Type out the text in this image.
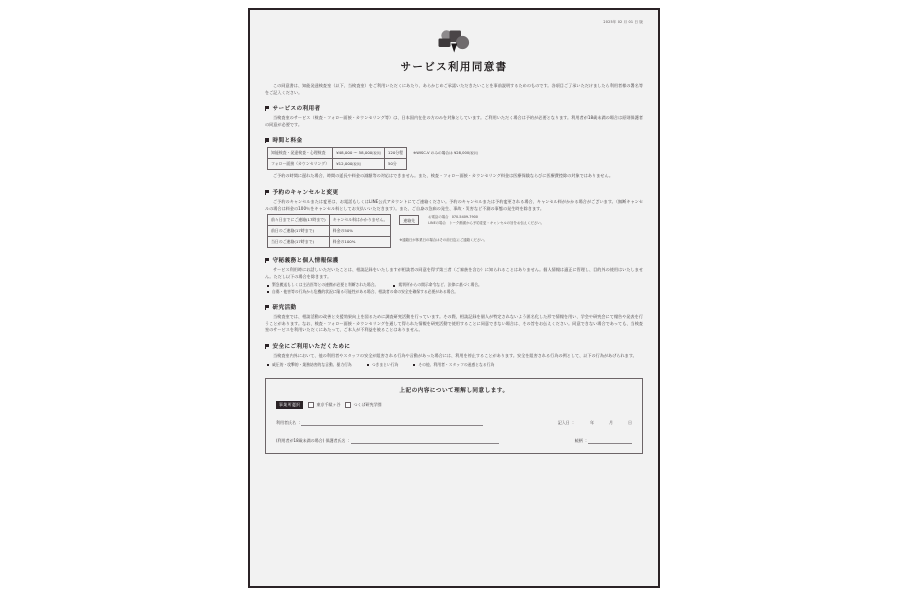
2025年 02 月 01 日 版
サービス利用同意書

この同意書は、知能発達検査室（以下、当検査室）をご利用いただくにあたり、あらかじめご承諾いただきたいことを事前説明するためのものです。各項目ご了承いただけましたら利用者様の署名等をご記入ください。

サービスの利用者

当検査室のサービス（検査・フォロー面接・カウンセリング等）は、日本国内在住の方のみを対象としています。ご利用いただく場合は予約が必要となります。利用者が18歳未満の場合は原則保護者の同意が必要です。

時間と料金
知能検査・発達検査・心理検査	¥48,000 〜 58,000(税別)	120分程
フォロー面接（カウンセリング）	¥12,000(税別)	50分
※WISC-V のみの場合は ¥28,000(税別)

ご予約の時間に遅れた場合、時間の延長や料金の減額等の対応はできません。また、検査・フォロー面接・カウンセリング料金は医療保険ならびに医療費控除の対象ではありません。

予約のキャンセルと変更

ご予約のキャンセルまたは変更は、お電話もしくはLINE公式アカウントにてご連絡ください。予約のキャンセルまたは予約変更される場合、キャンセル料がかかる場合がございます。（無断キャンセルの場合は料金の100％をキャンセル料としてお支払いいただきます）。また、ご自身の急病の発生、事故・災害など不測の事態の発生時を除きます。

前々日までにご連絡(17時まで)	キャンセル料はかかりません。
前日のご連絡(17時まで)	料金の50%
当日のご連絡(17時まで)	料金の100%
連絡先 お電話の場合 070-5409-7900
LINEの場合 トーク画面から予約変更・キャンセルの旨をお伝えください。
※連絡日が休業日の場合はその前日迄にご連絡ください。
守秘義務と個人情報保護

サービス利用時にお話しいただいたことは、相談記録をいたしますが相談者の同意を得ず第三者（ご家族を含む）に知られることはありません。個人情報は適正に管理し、目的外の使用はいたしません。ただし以下の場合を除きます。

緊急搬送もしくは主治医等との連携が必要と判断された場合。	裁判所からの開示命令など、法律に基づく場合。
自傷・他害等の行為から危機的状況に陥る可能性がある場合、相談者の命の安全を確保する必要がある場合。
研究活動

当検査室では、相談活動の改善と支援効果向上を図るために調査研究活動を行っています。その際、相談記録を個人が特定されないよう匿名化した形で情報を用い、学会や研究会にて報告や発表を行うことがあります。なお、検査・フォロー面接・カウンセリングを通して得られた情報を研究活動で使用することに同意できない場合は、その旨をお伝えください。同意できない場合であっても、当検査室のサービスを利用いただくにあたって、ご本人が不利益を被ることはありません。

安全にご利用いただくために

当検査室内外において、他の利用者やスタッフの安全が阻害される行為や言動があった場合には、利用を停止することがあります。安全を阻害される行為の例として、以下の行為があげられます。

威圧的・攻撃的・業務妨害的な言動、暴力行為	つきまとい行為	その他、利用者・スタッフの迷惑となる行為
上記の内容について理解し同意します。
事業所選択	東京千駄ヶ谷	つくば研究学園
利用者氏名 ：	記入日 ：	年	月	日
(利用者が18歳未満の場合) 保護者氏名 ：	続柄 ：
